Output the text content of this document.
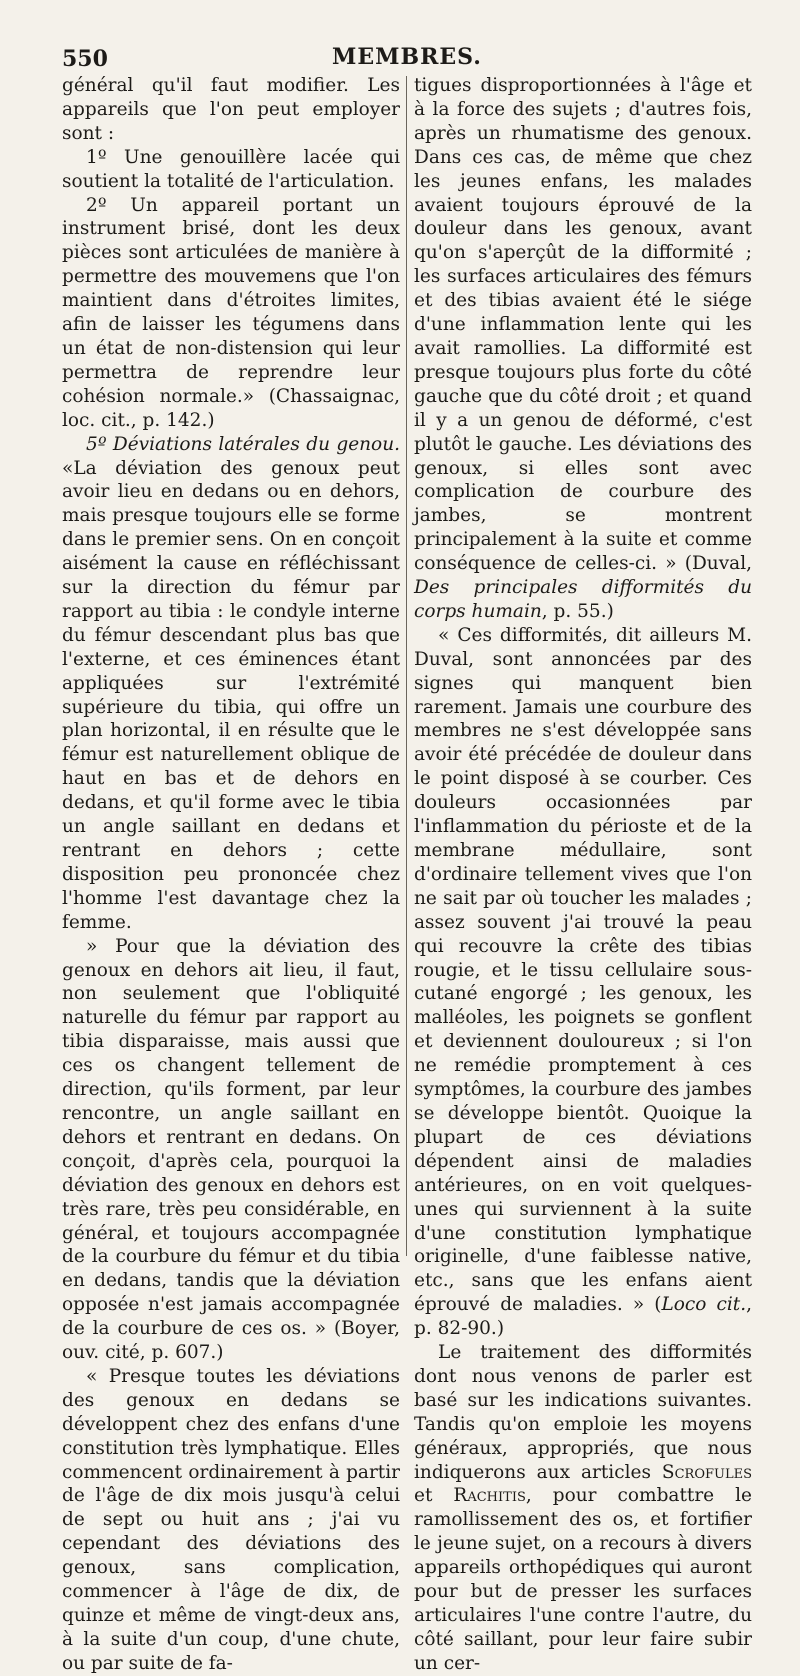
550	MEMBRES.

général qu'il faut modifier. Les appareils que l'on peut employer sont :

1º Une genouillère lacée qui soutient la totalité de l'articulation.

2º Un appareil portant un instrument brisé, dont les deux pièces sont articulées de manière à permettre des mouvemens que l'on maintient dans d'étroites limites, afin de laisser les tégumens dans un état de non-distension qui leur permettra de reprendre leur cohésion normale.» (Chassaignac, loc. cit., p. 142.)

5º Déviations latérales du genou. «La déviation des genoux peut avoir lieu en dedans ou en dehors, mais presque toujours elle se forme dans le premier sens. On en conçoit aisément la cause en réfléchissant sur la direction du fémur par rapport au tibia : le condyle interne du fémur descendant plus bas que l'externe, et ces éminences étant appliquées sur l'extrémité supérieure du tibia, qui offre un plan horizontal, il en résulte que le fémur est naturellement oblique de haut en bas et de dehors en dedans, et qu'il forme avec le tibia un angle saillant en dedans et rentrant en dehors ; cette disposition peu prononcée chez l'homme l'est davantage chez la femme.

» Pour que la déviation des genoux en dehors ait lieu, il faut, non seulement que l'obliquité naturelle du fémur par rapport au tibia disparaisse, mais aussi que ces os changent tellement de direction, qu'ils forment, par leur rencontre, un angle saillant en dehors et rentrant en dedans. On conçoit, d'après cela, pourquoi la déviation des genoux en dehors est très rare, très peu considérable, en général, et toujours accompagnée de la courbure du fémur et du tibia en dedans, tandis que la déviation opposée n'est jamais accompagnée de la courbure de ces os. » (Boyer, ouv. cité, p. 607.)

« Presque toutes les déviations des genoux en dedans se développent chez des enfans d'une constitution très lymphatique. Elles commencent ordinairement à partir de l'âge de dix mois jusqu'à celui de sept ou huit ans ; j'ai vu cependant des déviations des genoux, sans complication, commencer à l'âge de dix, de quinze et même de vingt-deux ans, à la suite d'un coup, d'une chute, ou par suite de fa-

tigues disproportionnées à l'âge et à la force des sujets ; d'autres fois, après un rhumatisme des genoux. Dans ces cas, de même que chez les jeunes enfans, les malades avaient toujours éprouvé de la douleur dans les genoux, avant qu'on s'aperçût de la difformité ; les surfaces articulaires des fémurs et des tibias avaient été le siége d'une inflammation lente qui les avait ramollies. La difformité est presque toujours plus forte du côté gauche que du côté droit ; et quand il y a un genou de déformé, c'est plutôt le gauche. Les déviations des genoux, si elles sont avec complication de courbure des jambes, se montrent principalement à la suite et comme conséquence de celles-ci. » (Duval, Des principales difformités du corps humain, p. 55.)

« Ces difformités, dit ailleurs M. Duval, sont annoncées par des signes qui manquent bien rarement. Jamais une courbure des membres ne s'est développée sans avoir été précédée de douleur dans le point disposé à se courber. Ces douleurs occasionnées par l'inflammation du périoste et de la membrane médullaire, sont d'ordinaire tellement vives que l'on ne sait par où toucher les malades ; assez souvent j'ai trouvé la peau qui recouvre la crête des tibias rougie, et le tissu cellulaire sous-cutané engorgé ; les genoux, les malléoles, les poignets se gonflent et deviennent douloureux ; si l'on ne remédie promptement à ces symptômes, la courbure des jambes se développe bientôt. Quoique la plupart de ces déviations dépendent ainsi de maladies antérieures, on en voit quelques-unes qui surviennent à la suite d'une constitution lymphatique originelle, d'une faiblesse native, etc., sans que les enfans aient éprouvé de maladies. » (Loco cit., p. 82-90.)

Le traitement des difformités dont nous venons de parler est basé sur les indications suivantes. Tandis qu'on emploie les moyens généraux, appropriés, que nous indiquerons aux articles Scrofules et Rachitis, pour combattre le ramollissement des os, et fortifier le jeune sujet, on a recours à divers appareils orthopédiques qui auront pour but de presser les surfaces articulaires l'une contre l'autre, du côté saillant, pour leur faire subir un cer-
